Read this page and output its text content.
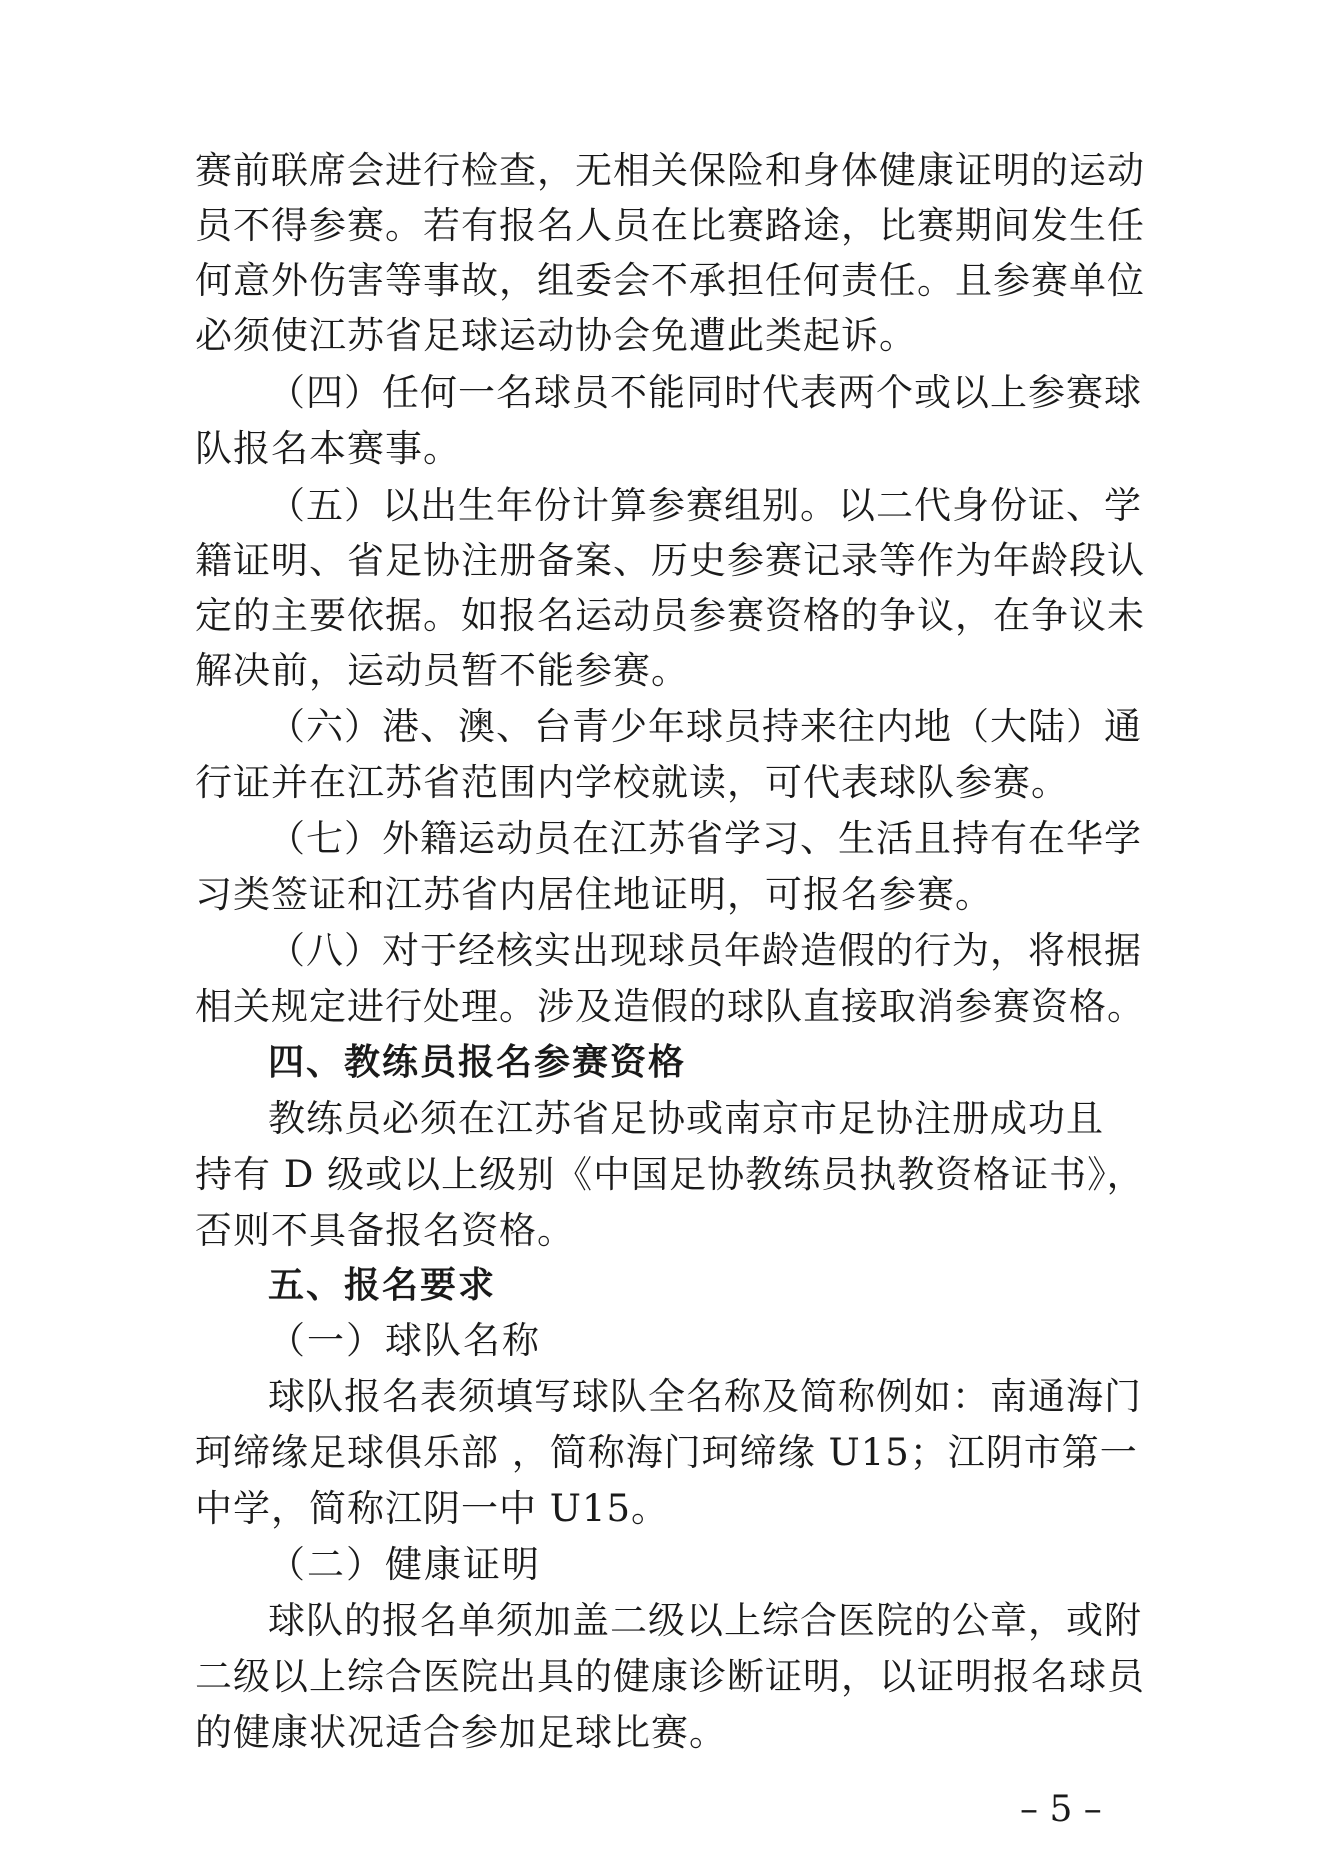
赛前联席会进行检查，无相关保险和身体健康证明的运动
员不得参赛。若有报名人员在比赛路途，比赛期间发生任
何意外伤害等事故，组委会不承担任何责任。且参赛单位
必须使江苏省足球运动协会免遭此类起诉。
（四）任何一名球员不能同时代表两个或以上参赛球
队报名本赛事。
（五）以出生年份计算参赛组别。以二代身份证、学
籍证明、省足协注册备案、历史参赛记录等作为年龄段认
定的主要依据。如报名运动员参赛资格的争议，在争议未
解决前，运动员暂不能参赛。
（六）港、澳、台青少年球员持来往内地（大陆）通
行证并在江苏省范围内学校就读，可代表球队参赛。
（七）外籍运动员在江苏省学习、生活且持有在华学
习类签证和江苏省内居住地证明，可报名参赛。
（八）对于经核实出现球员年龄造假的行为，将根据
相关规定进行处理。涉及造假的球队直接取消参赛资格。
四、教练员报名参赛资格
教练员必须在江苏省足协或南京市足协注册成功且
持有 D 级或以上级别《中国足协教练员执教资格证书》，
否则不具备报名资格。
五、报名要求
（一）球队名称
球队报名表须填写球队全名称及简称例如：南通海门
珂缔缘足球俱乐部 ，简称海门珂缔缘 U15；江阴市第一
中学，简称江阴一中 U15。
（二）健康证明
球队的报名单须加盖二级以上综合医院的公章，或附
二级以上综合医院出具的健康诊断证明，以证明报名球员
的健康状况适合参加足球比赛。
– 5 –
